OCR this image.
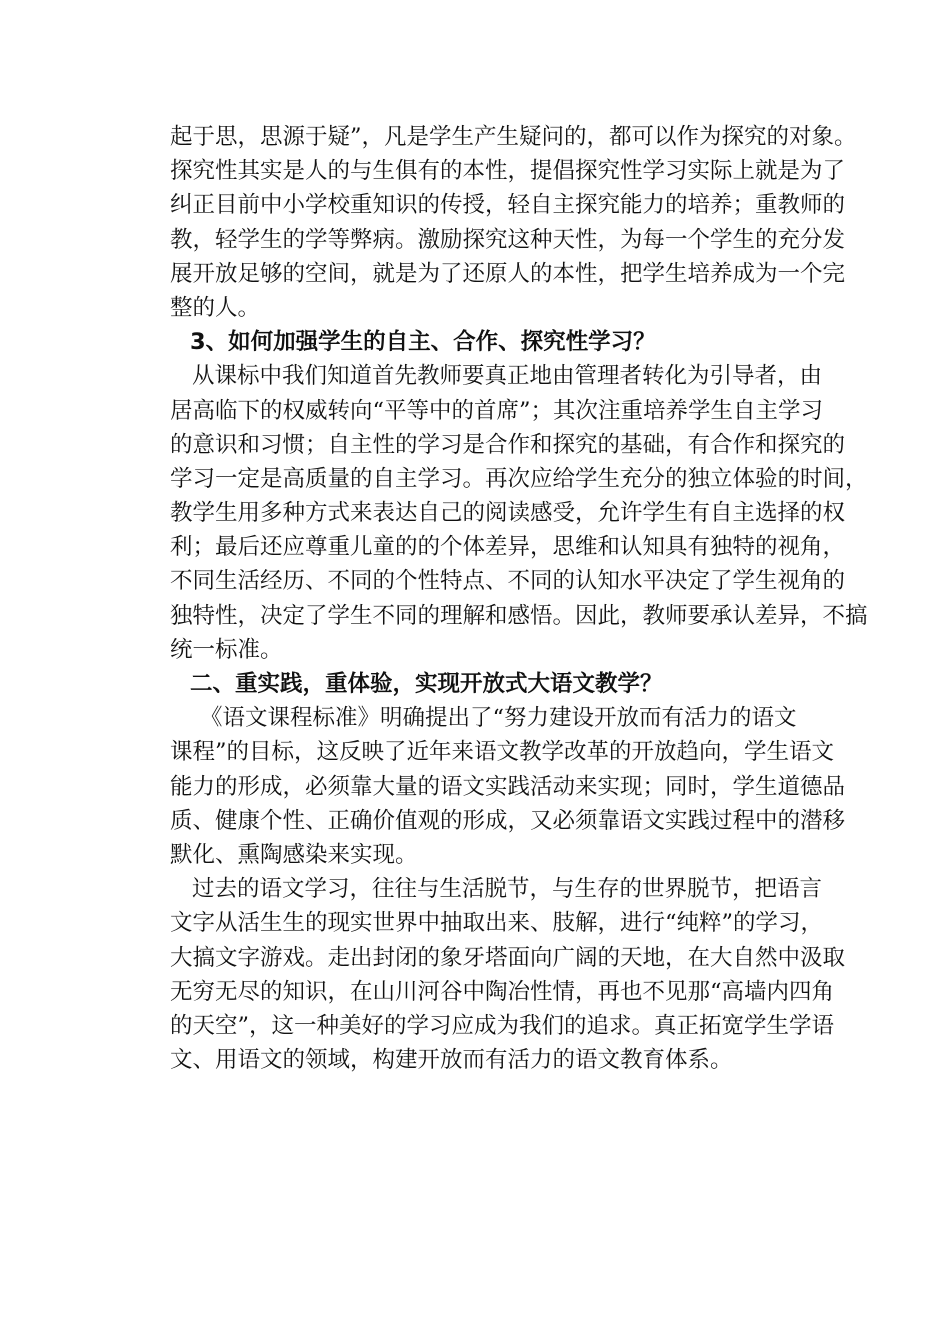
起于思，思源于疑”，凡是学生产生疑问的，都可以作为探究的对象。
探究性其实是人的与生俱有的本性，提倡探究性学习实际上就是为了
纠正目前中小学校重知识的传授，轻自主探究能力的培养；重教师的
教，轻学生的学等弊病。激励探究这种天性，为每一个学生的充分发
展开放足够的空间，就是为了还原人的本性，把学生培养成为一个完
整的人。
3、如何加强学生的自主、合作、探究性学习？
从课标中我们知道首先教师要真正地由管理者转化为引导者，由
居高临下的权威转向“平等中的首席”；其次注重培养学生自主学习
的意识和习惯；自主性的学习是合作和探究的基础，有合作和探究的
学习一定是高质量的自主学习。再次应给学生充分的独立体验的时间，
教学生用多种方式来表达自己的阅读感受，允许学生有自主选择的权
利；最后还应尊重儿童的的个体差异，思维和认知具有独特的视角，
不同生活经历、不同的个性特点、不同的认知水平决定了学生视角的
独特性，决定了学生不同的理解和感悟。因此，教师要承认差异，不搞
统一标准。
二、重实践，重体验，实现开放式大语文教学？
《语文课程标准》明确提出了“努力建设开放而有活力的语文
课程”的目标，这反映了近年来语文教学改革的开放趋向，学生语文
能力的形成，必须靠大量的语文实践活动来实现；同时，学生道德品
质、健康个性、正确价值观的形成，又必须靠语文实践过程中的潜移
默化、熏陶感染来实现。
过去的语文学习，往往与生活脱节，与生存的世界脱节，把语言
文字从活生生的现实世界中抽取出来、肢解，进行“纯粹”的学习，
大搞文字游戏。走出封闭的象牙塔面向广阔的天地，在大自然中汲取
无穷无尽的知识，在山川河谷中陶冶性情，再也不见那“高墙内四角
的天空”，这一种美好的学习应成为我们的追求。真正拓宽学生学语
文、用语文的领域，构建开放而有活力的语文教育体系。
